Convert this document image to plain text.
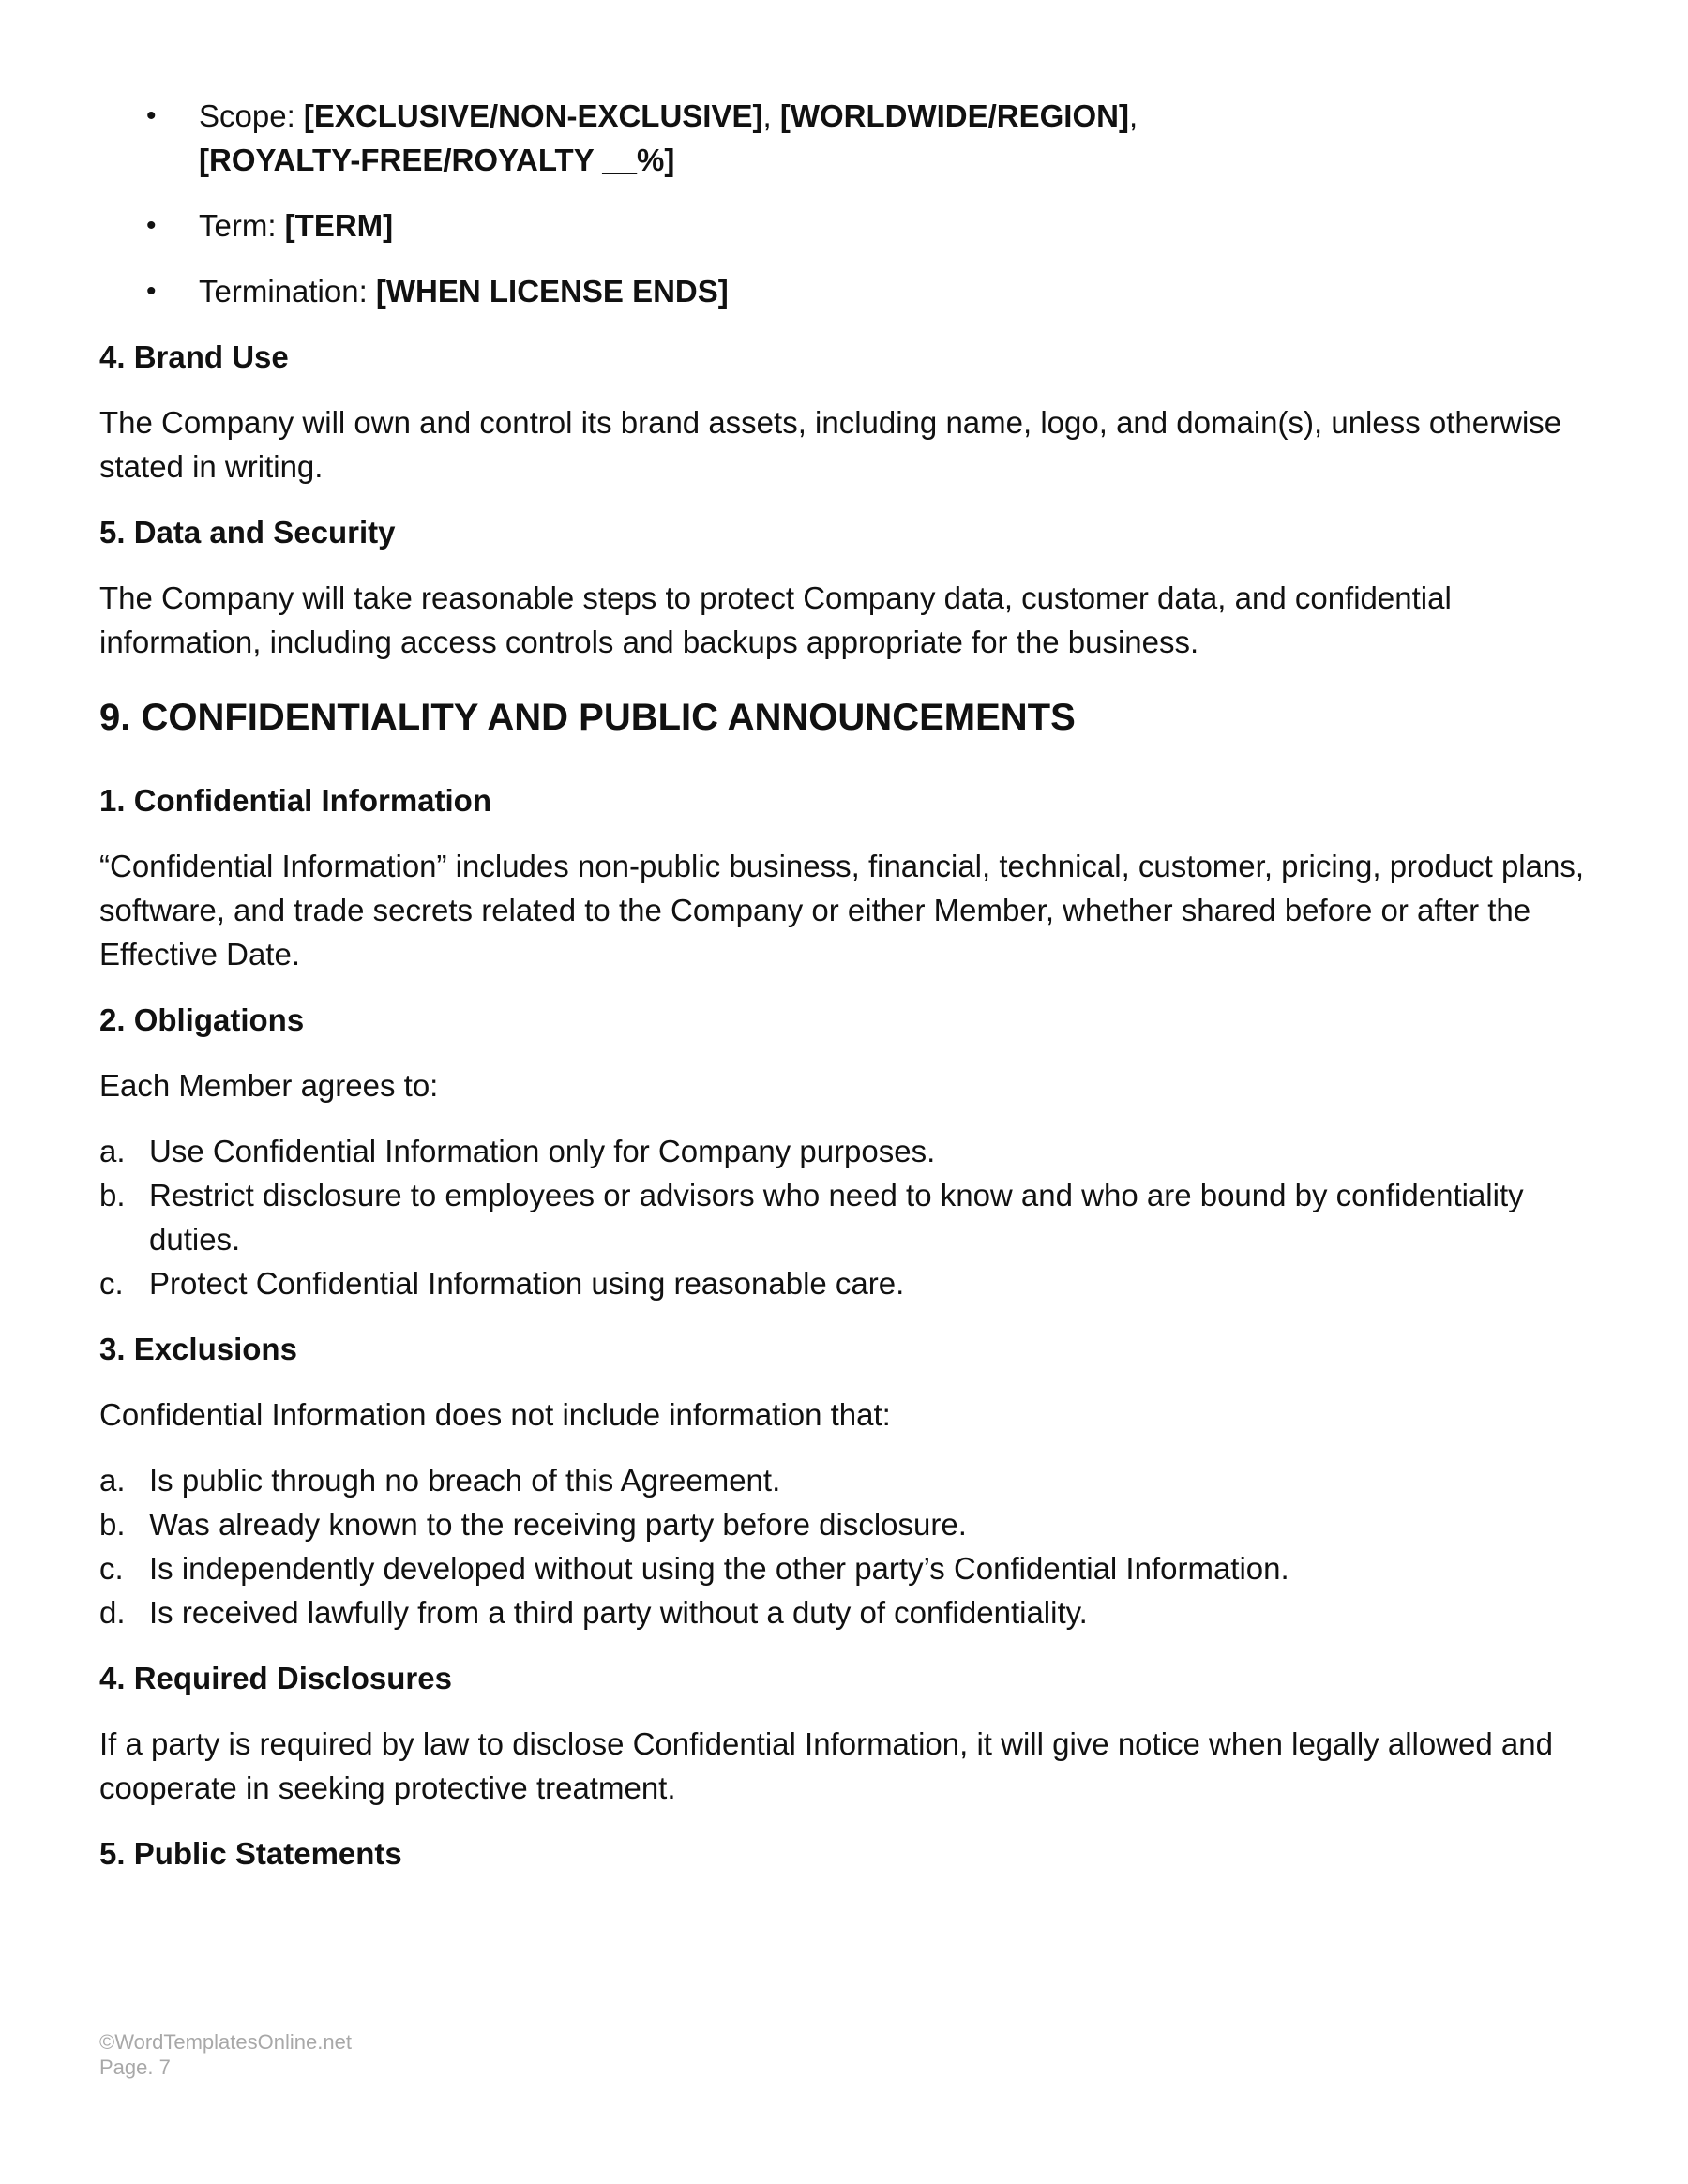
•	Scope: [EXCLUSIVE/NON-EXCLUSIVE], [WORLDWIDE/REGION],
[ROYALTY-FREE/ROYALTY __%]
•	Term: [TERM]
•	Termination: [WHEN LICENSE ENDS]
4. Brand Use

The Company will own and control its brand assets, including name, logo, and domain(s), unless otherwise stated in writing.

5. Data and Security

The Company will take reasonable steps to protect Company data, customer data, and confidential information, including access controls and backups appropriate for the business.

9. CONFIDENTIALITY AND PUBLIC ANNOUNCEMENTS
1. Confidential Information

“Confidential Information” includes non-public business, financial, technical, customer, pricing, product plans, software, and trade secrets related to the Company or either Member, whether shared before or after the Effective Date.

2. Obligations

Each Member agrees to:

a. Use Confidential Information only for Company purposes.
b. Restrict disclosure to employees or advisors who need to know and who are bound by confidentiality duties.
c. Protect Confidential Information using reasonable care.
3. Exclusions

Confidential Information does not include information that:

a. Is public through no breach of this Agreement.
b. Was already known to the receiving party before disclosure.
c. Is independently developed without using the other party’s Confidential Information.
d. Is received lawfully from a third party without a duty of confidentiality.
4. Required Disclosures

If a party is required by law to disclose Confidential Information, it will give notice when legally allowed and cooperate in seeking protective treatment.

5. Public Statements
©WordTemplatesOnline.net
Page. 7
